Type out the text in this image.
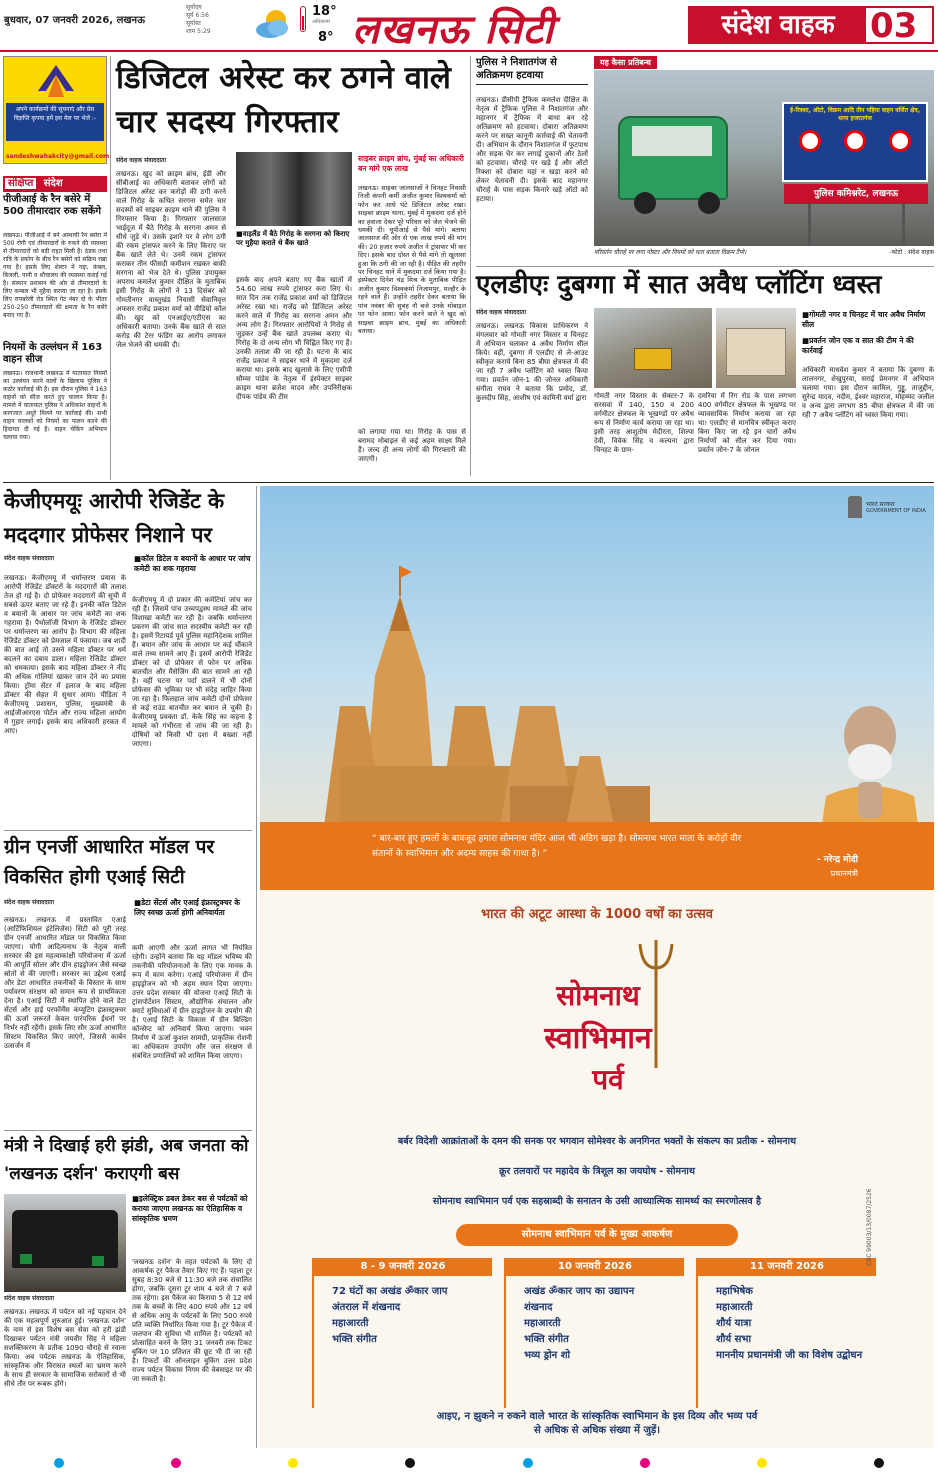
बुधवार, 07 जनवरी 2026, लखनऊ
सूर्योदय
सूर्य 6:56
सूर्यास्त
शाम 5:29
18°
अधिकतम
8° लखनऊ सिटी	संदेश वाहक	03
अपने कार्यक्रमों की सूचनाएं और प्रेस विज्ञप्ति कृपया हमें इस मेल पर भेजें :-
sandeshwahakcity@gmail.com
संक्षिप्त संदेश
पीजीआई के रैन बसेरे में 500 तीमारदार रुक सकेंगे
लखनऊ। पीजीआई में बने अस्थायी रैन बसेरा में 500 रोगी एवं तीमारदारों के रुकने की व्यवस्था से तीमारदारों को बड़ी राहत मिली है। ठंडक तथा रात्रि के प्रकोप के बीच रैन बसेरों को सक्रिय रखा गया है। इसके लिए शेल्टर में गद्दा, कंबल, बिजली, पानी व शौचालय की व्यवस्था कराई गई है। संस्थान प्रशासन की ओर से तीमारदारों के लिए कम्बल भी मुहैया कराया जा रहा है। इसके लिए रायबरेली रोड स्थित गेट नंबर दो के भीतर 250-250 तीमारदारों की क्षमता के रैन बसेरे बनाए गए हैं।
नियमों के उल्लंघन में 163 वाहन सीज
लखनऊ। राजधानी लखनऊ में यातायात नियमों का उल्लंघन करने वालों के खिलाफ पुलिस ने कठोर कार्रवाई की है। इस दौरान पुलिस ने 163 वाहनों को सीज करते हुए चालान किया है। मामले में यातायात पुलिस ने अधिकांश वाहनों के कागजात अधूरे मिलने पर कार्रवाई की। सभी वाहन चालकों को नियमों का पालन करने की हिदायत दी गई है। वाहन चेकिंग अभियान चलाया गया।
डिजिटल अरेस्ट कर ठगने वाले चार सदस्य गिरफ्तार
संदेश वाहक संवाददाता
लखनऊ। खुद को क्राइम ब्रांच, ईडी और सीबीआई का अधिकारी बताकर लोगों को डिजिटल अरेस्ट कर करोड़ों की ठगी करने वाले गिरोह के कथित सरगना समेत चार सदस्यों को साइबर क्राइम थाने की पुलिस ने गिरफ्तार किया है। गिरफ्तार जालसाज भाईदूज में बैठे गिरोह के सरगना अमन से सीधे जुड़े थे। उसके इशारे पर वे लोग ठगी की रकम ट्रांसफर करने के लिए किराए पर बैंक खाते लेते थे। उनमें रकम ट्रांसफर कराकर तीन फीसदी कमीशन रखकर बाकी सरगना को भेज देते थे। पुलिस उपायुक्त अपराध कमलेश कुमार दीक्षित के मुताबिक इसी गिरोह के लोगों ने 13 दिसंबर को गोमतीनगर वास्तुखंड निवासी सेवानिवृत्त अफसर राजेंद्र प्रकाश वर्मा को वीडियो कॉल की। खुद को एनआईए/एटीएस का अधिकारी बताया। उनके बैंक खाते से सात करोड़ की टेरर फंडिंग का आरोप लगाकर जेल भेजने की धमकी दी।
■ वाइलैंड में बैठे गिरोह के सरगना को किराए पर मुहैया कराते थे बैंक खाते
इसके बाद अपने बताए गए बैंक खातों में 54.60 लाख रुपये ट्रांसफर करा लिए थे। सात दिन तक राजेंद्र प्रकाश वर्मा को डिजिटल अरेस्ट रखा था। राजेंद्र को डिजिटल अरेस्ट करने वाले में गिरोह का सरगना अमन और अन्य लोग हैं। गिरफ्तार आरोपियों ने गिरोह से जुड़कर उन्हें बैंक खाते उपलब्ध कराए थे। गिरोह के दो अन्य लोग भी चिह्नित किए गए हैं। उनकी तलाश की जा रही है। घटना के बाद राजेंद्र प्रकाश ने साइबर थाने में मुकदमा दर्ज कराया था। इसके बाद खुलासे के लिए एसीपी सौम्या पांडेय के नेतृत्व में इंस्पेक्टर साइबर क्राइम थाना ब्रजेश यादव और उपनिरीक्षक दीपक पांडेय की टीम
साइबर क्राइम ब्रांच, मुंबई का अधिकारी बन मांगे एक लाख
लखनऊ। साइबर जालसाजों ने चिनहट निवासी निजी कंपनी कर्मी अजीत कुमार विश्वकर्मा को फोन कर आधे घंटे डिजिटल अरेस्ट रखा। साइबर क्राइम थाना, मुंबई में मुकदमा दर्ज होने का हवाला देकर पूरे परिवार को जेल भेजने की धमकी दी। यूपीआई से पैसे मांगे। बताया जालसाज की ओर से एक लाख रुपये की मांग की। 20 हजार रुपये अजीत ने ट्रांसफर भी कर दिए। इसके बाद दोस्त से पैसे मांगे तो खुलासा हुआ कि ठगी की जा रही है। पीड़ित की तहरीर पर चिनहट थाने में मुकदमा दर्ज किया गया है। इंस्पेक्टर दिनेश चंद्र मिश्र के मुताबिक पीड़ित अजीत कुमार विश्वकर्मा निजामपुर, मल्हौर के रहने वाले हैं। उन्होंने तहरीर देकर बताया कि पांच नवंबर की सुबह नौ बजे उनके मोबाइल पर फोन आया। फोन करने वाले ने खुद को साइबर क्राइम ब्रांच, मुंबई का अधिकारी बताया।
को लगाया गया था। गिरोह के पास से बरामद मोबाइल से कई अहम साक्ष्य मिले हैं। जल्द ही अन्य लोगों की गिरफ्तारी की जाएगी।
पुलिस ने निशातगंज से अतिक्रमण हटवाया
लखनऊ। डीसीपी ट्रैफिक कमलेश दीक्षित के नेतृत्व में ट्रैफिक पुलिस ने निशातगंज और महानगर में ट्रैफिक में बाधा बन रहे अतिक्रमण को हटवाया। दोबारा अतिक्रमण करने पर सख्त कानूनी कार्रवाई की चेतावनी दी। अभियान के दौरान निशातगंज में फुटपाथ और सड़क घेर कर लगाई दुकानों और ठेलों को हटवाया। चौराहे पर खड़े ई और ऑटो रिक्शा को दोबारा यहां न खड़ा करने को लेकर चेतावनी दी। इसके बाद महानगर चौराहे के पास सड़क किनारे खड़े ऑटो को हटाया।
यह कैसा प्रतिबन्ध
ई-रिक्शा, ऑटो, विक्रम आदि तीन पहिया वाहन वर्जित क्षेत्र, थाना हजरतगंज
पुलिस कमिश्नरेट, लखनऊ
परिवर्तन चौराहे पर लगा पोस्टर और नियमों को धता बताता विक्रम टैंपो।	-फोटो : संदेश वाहक
एलडीएः दुबग्गा में सात अवैध प्लॉटिंग ध्वस्त
संदेश वाहक संवाददाता
लखनऊ। लखनऊ विकास प्राधिकरण ने मंगलवार को गोमती नगर विस्तार व चिनहट में अभियान चलाकर 4 अवैध निर्माण सील किये। वहीं, दुबग्गा में एलडीए से ले-आउट स्वीकृत कराये बिना 85 बीघा क्षेत्रफल में की जा रही 7 अवैध प्लॉटिंग को ध्वस्त किया गया। प्रवर्तन जोन-1 की जोनल अधिकारी संगीता राघव ने बताया कि प्रमोद, डॉ. कुलदीप सिंह, आशीष एवं कामिनी वर्मा द्वारा गोमती नगर विस्तार के सेक्टर-7 के सरसवां में 140, 150 व 200 वर्गमीटर क्षेत्रफल के भूखण्डों पर अवैध रूप से निर्माण कार्य कराया जा रहा था। इसी तरह आशुतोष मेदीरता, शिल्पा देवी, विवेक सिंह व कल्पना द्वारा चिनहट के ग्राम-
दमरिया में रिंग रोड के पास लगभग 400 वर्गमीटर क्षेत्रफल के भूखण्ड पर व्यावसायिक निर्माण कराया जा रहा था। एलडीए से मानचित्र स्वीकृत कराए बिना किए जा रहे इन चारों अवैध निर्माणों को सील कर दिया गया। प्रवर्तन जोन-7 के जोनल
■ गोमती नगर व चिनहट में चार अवैध निर्माण सील
■ प्रवर्तन जोन एक व सात की टीम ने की कार्रवाई
अधिकारी माधवेश कुमार ने बताया कि दुबग्गा के लालनगर, शेखुपुरवा, सराई प्रेमनगर में अभियान चलाया गया। इस दौरान कामिल, गुड्डू, ताजुद्दीन, सुरेन्द्र यादव, नदीम, ईश्वर महाराज, मोहम्मद जलील व अन्य द्वारा लगभग 85 बीघा क्षेत्रफल में की जा रही 7 अवैध प्लॉटिंग को ध्वस्त किया गया।
केजीएमयूः आरोपी रेजिडेंट के मददगार प्रोफेसर निशाने पर
संदेश वाहक संवाददाता	■ कॉल डिटेल व बयानों के आधार पर जांच कमेटी का शक गहराया
लखनऊ। केजीएमयू में धर्मान्तरण प्रयास के आरोपी रेजिडेंट डॉक्टरों के मददगारों की तलाश तेज हो गई है। दो प्रोफेसर मददगारों की सूची में सबसे ऊपर बताए जा रहे हैं। इनकी कॉल डिटेल व बयानों के आधार पर जांच कमेटी का शक गहराया है। पैथोलॉजी विभाग के रेजिडेंट डॉक्टर पर धर्मान्तरण का आरोप है। विभाग की महिला रेजिडेंट डॉक्टर को प्रेमजाल में फंसाया। जब शादी की बात आई तो उसने महिला डॉक्टर पर धर्म बदलने का दबाव डाला। महिला रेजिडेंट डॉक्टर को धमकाया। इसके बाद महिला डॉक्टर ने नींद की अधिक गोलियां खाकर जान देने का प्रयास किया। ट्रॉमा सेंटर में इलाज के बाद महिला डॉक्टर की सेहत में सुधार आया। पीड़िता ने केजीएमयू प्रशासन, पुलिस, मुख्यमंत्री के आईजीआरएस पोर्टल और राज्य महिला आयोग में गुहार लगाई। इसके बाद अधिकारी हरकत में आए।
केजीएमयू में दो प्रकार की कमेटियां जांच कर रही हैं। जिसमें पांच उच्चपद्वस्थ मामले की जांच विशाखा कमेटी कर रही है। जबकि धर्मान्तरण प्रकरण की जांच सात सदस्यीय कमेटी कर रही है। इसमें रिटायर्ड पूर्व पुलिस महानिदेशक शामिल हैं। बयान और जांच के आधार पर कई चौंकाने वाले तथ्य सामने आए हैं। इसमें आरोपी रेजिडेंट डॉक्टर को दो प्रोफेसर से फोन पर अधिक बातचीत और मैसेजिंग की बात सामने आ रही है। वहीं घटना पर पर्दा डालने में भी दोनों प्रोफेसर की भूमिका पर भी संदेह जाहिर किया जा रहा है। फिलहाल जांच कमेटी दोनों प्रोफेसर से कई राउंड बातचीत कर बयान ले चुकी है। केजीएमयू प्रवक्ता डॉ. केके सिंह का कहना है मामले को गंभीरता से जांच की जा रही है। दोषियों को किसी भी दशा में बख्शा नहीं जाएगा।
ग्रीन एनर्जी आधारित मॉडल पर विकसित होगी एआई सिटी
संदेश वाहक संवाददाता	■ डेटा सेंटर्स और एआई इंफ्रास्ट्रक्चर के लिए स्वच्छ ऊर्जा होगी अनिवार्यता
लखनऊ। लखनऊ में प्रस्तावित एआई (आर्टिफिशियल इंटेलिजेंस) सिटी को पूरी तरह ग्रीन एनर्जी आधारित मॉडल पर विकसित किया जाएगा। योगी आदित्यनाथ के नेतृत्व वाली सरकार की इस महत्वाकांक्षी परियोजना में ऊर्जा की आपूर्ति सोलर और ग्रीन हाइड्रोजन जैसे स्वच्छ स्रोतों से की जाएगी। सरकार का उद्देश्य एआई और डेटा आधारित तकनीकों के विस्तार के साथ पर्यावरण संरक्षण को समान रूप से प्राथमिकता देना है। एआई सिटी में स्थापित होने वाले डेटा सेंटर्स और हाई परफॉर्मेंस कंप्यूटिंग इंफ्रास्ट्रक्चर की ऊर्जा जरूरतें केवल पारंपरिक ईंधनों पर निर्भर नहीं रहेंगी। इसके लिए सौर ऊर्जा आधारित सिस्टम विकसित किए जाएंगे, जिससे कार्बन उत्सर्जन में
कमी आएगी और ऊर्जा लागत भी नियंत्रित रहेगी। उन्होंने बताया कि यह मॉडल भविष्य की तकनीकी परियोजनाओं के लिए एक मानक के रूप में काम करेगा। एआई परियोजना में ग्रीन हाइड्रोजन को भी अहम स्थान दिया जाएगा। उत्तर प्रदेश सरकार की योजना एआई सिटी के ट्रांसपोर्टेशन सिस्टम, औद्योगिक संचालन और स्मार्ट सुविधाओं में ग्रीन हाइड्रोजन के उपयोग की है। एआई सिटी के विकास में ग्रीन बिल्डिंग कॉन्सेप्ट को अनिवार्य किया जाएगा। भवन निर्माण में ऊर्जा कुशल सामग्री, प्राकृतिक रोशनी का अधिकतम उपयोग और जल संरक्षण से संबंधित प्रणालियों को शामिल किया जाएगा।
मंत्री ने दिखाई हरी झंडी, अब जनता को 'लखनऊ दर्शन' कराएगी बस
संदेश वाहक संवाददाता
■ इलेक्ट्रिक डबल डेकर बस से पर्यटकों को कराया जाएगा लखनऊ का ऐतिहासिक व सांस्कृतिक भ्रमण
लखनऊ। लखनऊ में पर्यटन को नई पहचान देने की एक महत्वपूर्ण शुरुआत हुई। 'लखनऊ दर्शन' के नाम से इस विशेष बस सेवा को हरी झंडी दिखाकर पर्यटन मंत्री जयवीर सिंह ने महिला सशक्तिकरण के प्रतीक 1090 चौराहे से रवाना किया। अब पर्यटक लखनऊ के ऐतिहासिक, सांस्कृतिक और विरासत स्थलों का भ्रमण करने के साथ ही सरकार के सामाजिक सरोकारों से भी सीधे तौर पर रूबरू होंगे।
'लखनऊ दर्शन' के तहत पर्यटकों के लिए दो आकर्षक टूर पैकेज तैयार किए गए हैं। पहला टूर सुबह 8:30 बजे से 11:30 बजे तक संचालित होगा, जबकि दूसरा टूर शाम 4 बजे से 7 बजे तक रहेगा। इस पैकेज का किराया 5 से 12 वर्ष तक के बच्चों के लिए 400 रुपये और 12 वर्ष से अधिक आयु के पर्यटकों के लिए 500 रुपये प्रति व्यक्ति निर्धारित किया गया है। टूर पैकेज में जलपान की सुविधा भी शामिल है। पर्यटकों को प्रोत्साहित करने के लिए 31 जनवरी तक टिकट बुकिंग पर 10 प्रतिशत की छूट भी दी जा रही है। टिकटों की ऑनलाइन बुकिंग उत्तर प्रदेश राज्य पर्यटन विकास निगम की वेबसाइट पर की जा सकती है।
भारत सरकार
GOVERNMENT OF INDIA
“ बार-बार हुए हमलों के बावजूद हमारा सोमनाथ मंदिर आज भी अडिग खड़ा है। सोमनाथ भारत माता के करोड़ों वीर संतानों के स्वाभिमान और अदम्य साहस की गाथा है। ”
- नरेन्द्र मोदी
प्रधानमंत्री
भारत की अटूट आस्था के 1000 वर्षों का उत्सव
सोमनाथ
स्वाभिमान
पर्व
बर्बर विदेशी आक्रांताओं के दमन की सनक पर भगवान सोमेश्वर के अनगिनत भक्तों के संकल्प का प्रतीक - सोमनाथ
क्रूर तलवारों पर महादेव के त्रिशूल का जयघोष - सोमनाथ
सोमनाथ स्वाभिमान पर्व एक सहस्राब्दी के सनातन के उसी आध्यात्मिक सामर्थ्य का स्मरणोत्सव है
सोमनाथ स्वाभिमान पर्व के मुख्य आकर्षण
8 - 9 जनवरी 2026
72 घंटों का अखंड ॐकार जाप
अंतराल में शंखनाद
महाआरती
भक्ति संगीत
10 जनवरी 2026
अखंड ॐकार जाप का उद्यापन
शंखनाद
महाआरती
भक्ति संगीत
भव्य ड्रोन शो
11 जनवरी 2026
महाभिषेक
महाआरती
शौर्य यात्रा
शौर्य सभा
माननीय प्रधानमंत्री जी का विशेष उद्बोधन
CBC 99003/13/0087/2526
आइए, न झुकने न रुकने वाले भारत के सांस्कृतिक स्वाभिमान के इस दिव्य और भव्य पर्व से अधिक से अधिक संख्या में जुड़ें।
